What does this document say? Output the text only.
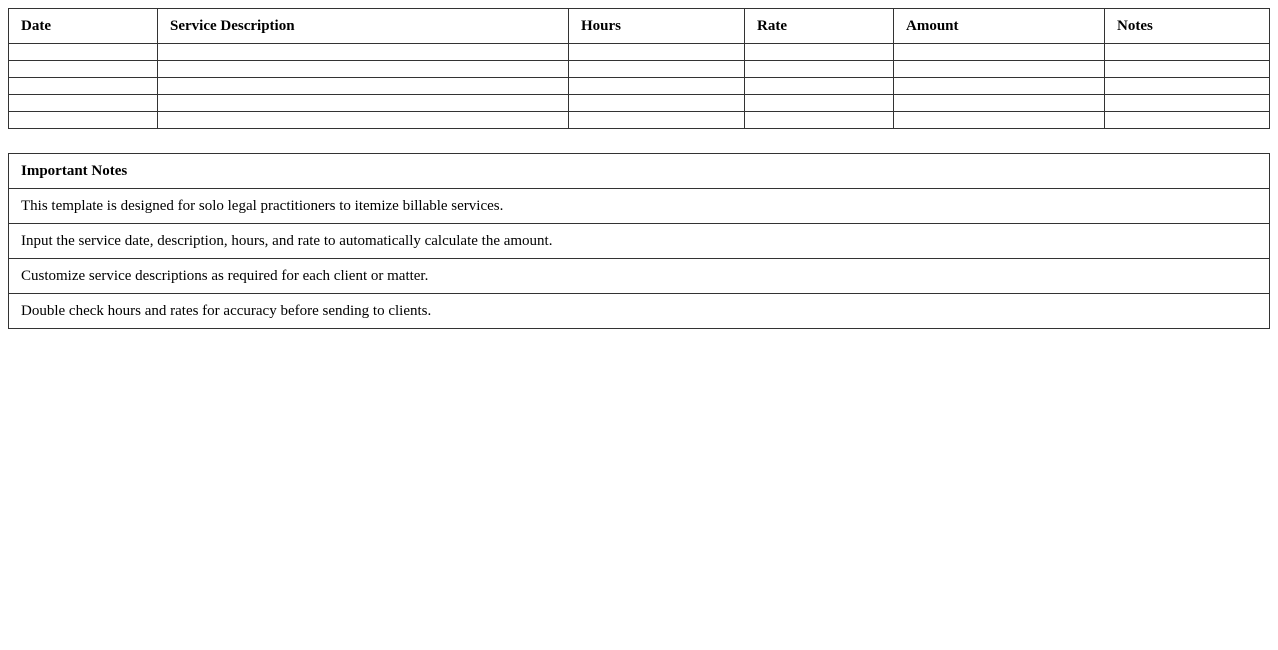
Date	Service Description	Hours	Rate	Amount	Notes

Important Notes
This template is designed for solo legal practitioners to itemize billable services.
Input the service date, description, hours, and rate to automatically calculate the amount.
Customize service descriptions as required for each client or matter.
Double check hours and rates for accuracy before sending to clients.
